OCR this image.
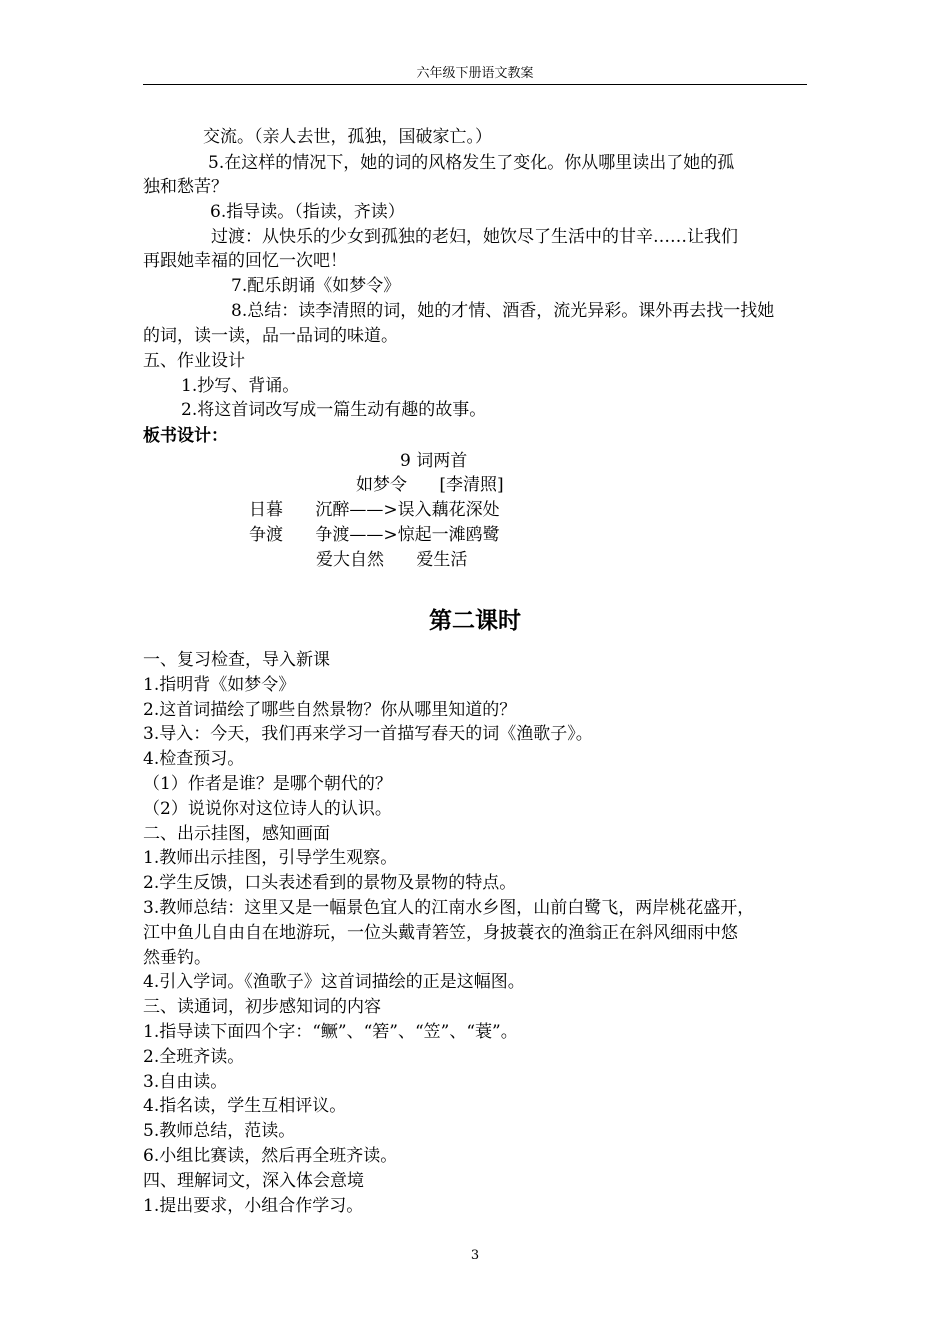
六年级下册语文教案
交流。（亲人去世，孤独，国破家亡。）
5.在这样的情况下，她的词的风格发生了变化。你从哪里读出了她的孤
独和愁苦？
6.指导读。（指读，齐读）
过渡：从快乐的少女到孤独的老妇，她饮尽了生活中的甘辛……让我们
再跟她幸福的回忆一次吧！
7.配乐朗诵《如梦令》
8.总结：读李清照的词，她的才情、酒香，流光异彩。课外再去找一找她
的词，读一读，品一品词的味道。
五、作业设计
1.抄写、背诵。
2.将这首词改写成一篇生动有趣的故事。
板书设计：
9 词两首
如梦令      [李清照]
日暮      沉醉——>误入藕花深处
争渡      争渡——>惊起一滩鸥鹭
爱大自然      爱生活
第二课时
一、复习检查，导入新课
1.指明背《如梦令》
2.这首词描绘了哪些自然景物？你从哪里知道的？
3.导入：今天，我们再来学习一首描写春天的词《渔歌子》。
4.检查预习。
（1）作者是谁？是哪个朝代的？
（2）说说你对这位诗人的认识。
二、出示挂图，感知画面
1.教师出示挂图，引导学生观察。
2.学生反馈，口头表述看到的景物及景物的特点。
3.教师总结：这里又是一幅景色宜人的江南水乡图，山前白鹭飞，两岸桃花盛开，
江中鱼儿自由自在地游玩，一位头戴青箬笠，身披蓑衣的渔翁正在斜风细雨中悠
然垂钓。
4.引入学词。《渔歌子》这首词描绘的正是这幅图。
三、读通词，初步感知词的内容
1.指导读下面四个字：“鳜”、“箬”、“笠”、“蓑”。
2.全班齐读。
3.自由读。
4.指名读，学生互相评议。
5.教师总结，范读。
6.小组比赛读，然后再全班齐读。
四、理解词文，深入体会意境
1.提出要求，小组合作学习。
3
